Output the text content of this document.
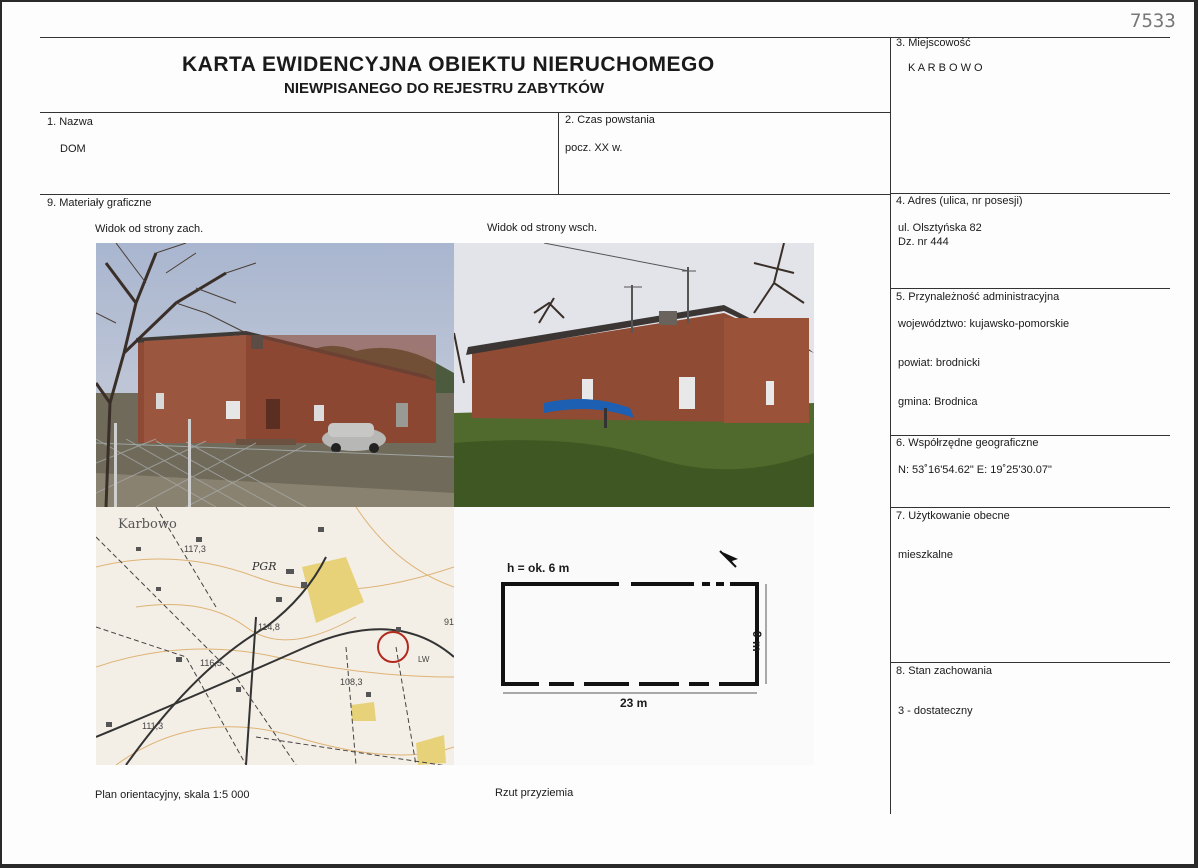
7533
KARTA EWIDENCYJNA OBIEKTU NIERUCHOMEGO
NIEWPISANEGO DO REJESTRU ZABYTKÓW
1. Nazwa
DOM
2. Czas powstania
pocz. XX w.
3. Miejscowość
K A R B O W O
4. Adres (ulica, nr posesji)
ul. Olsztyńska 82
Dz. nr 444
5. Przynależność administracyjna
województwo: kujawsko-pomorskie
powiat: brodnicki
gmina: Brodnica
6. Współrzędne geograficzne
N: 53˚16'54.62" E: 19˚25'30.07"
7. Użytkowanie obecne
mieszkalne
8. Stan zachowania
3 - dostateczny
9. Materiały graficzne
Widok od strony zach.	Widok od strony wsch.
Plan orientacyjny, skala 1:5 000	Rzut przyziemia
Karbowo
PGR
117,3
114,8
116,5
108,3
111,3
91
LW
h = ok. 6 m
23 m
9 m
